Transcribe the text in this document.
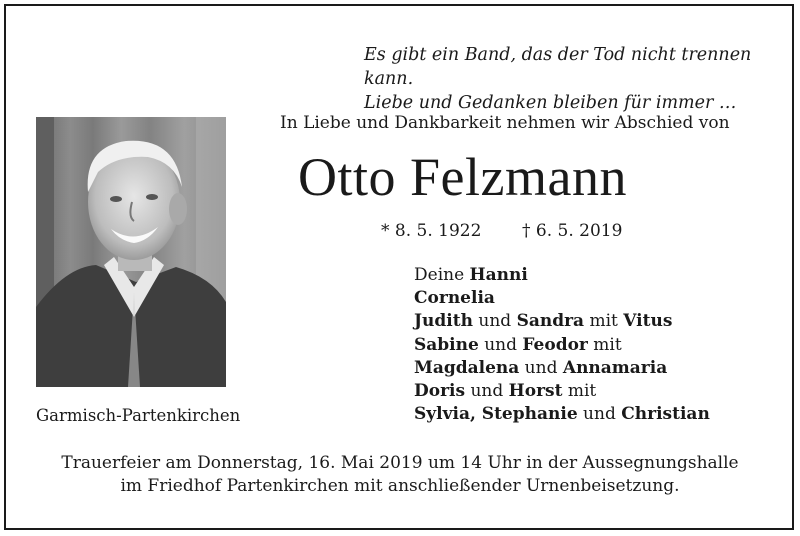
Es gibt ein Band, das der Tod nicht trennen kann.
Liebe und Gedanken bleiben für immer …
In Liebe und Dankbarkeit nehmen wir Abschied von
Otto Felzmann
* 8. 5. 1922 † 6. 5. 2019
Garmisch-Partenkirchen
Deine Hanni
Cornelia
Judith und Sandra mit Vitus
Sabine und Feodor mit
Magdalena und Annamaria
Doris und Horst mit
Sylvia, Stephanie und Christian
Trauerfeier am Donnerstag, 16. Mai 2019 um 14 Uhr in der Aussegnungshalle
im Friedhof Partenkirchen mit anschließender Urnenbeisetzung.
